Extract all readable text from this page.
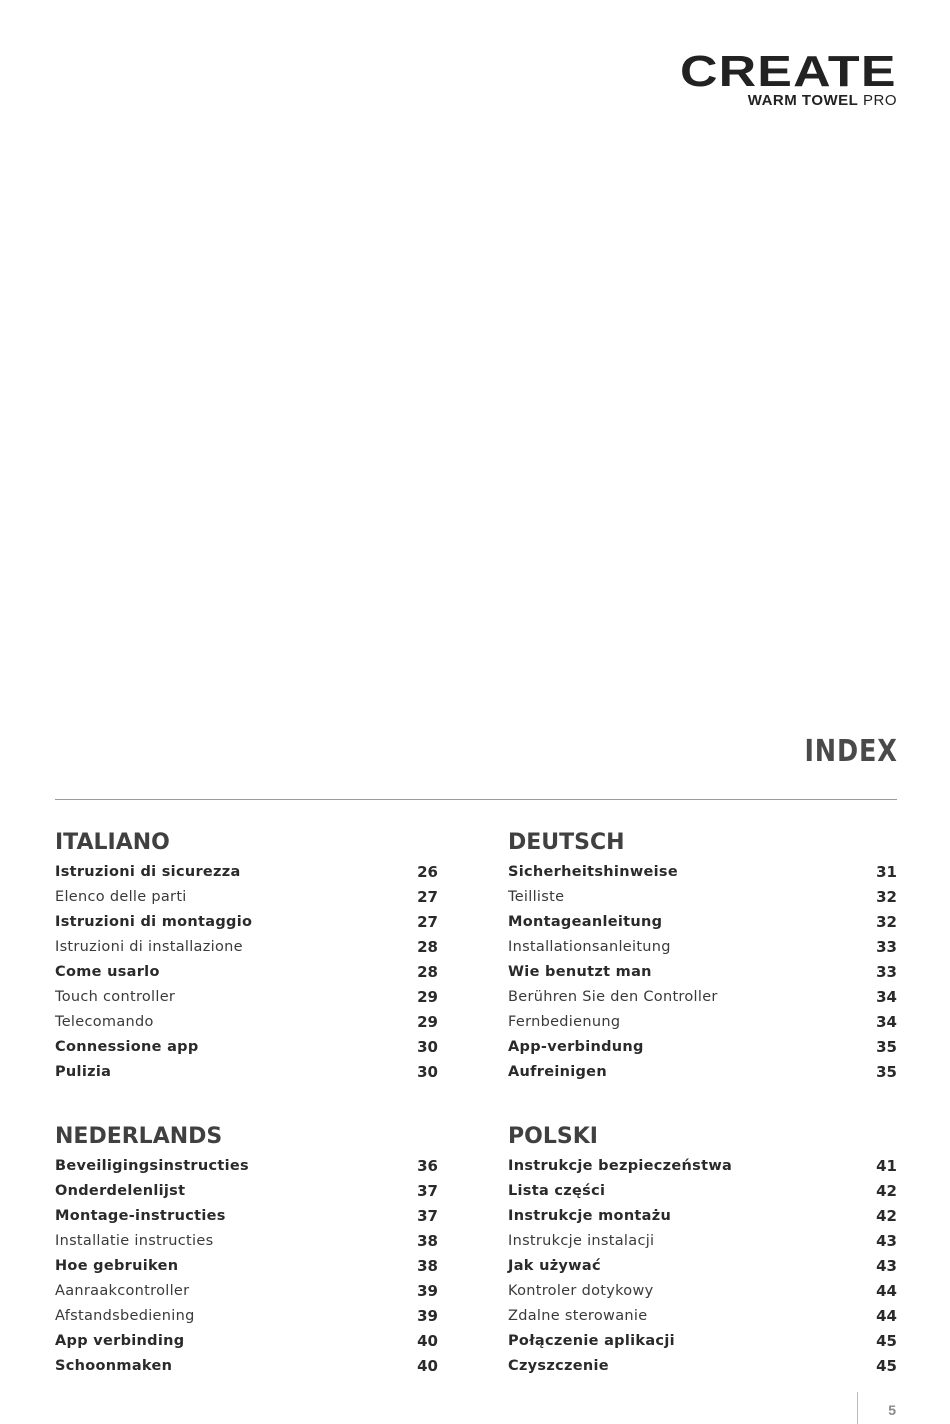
CREATE
WARM TOWEL PRO
INDEX
ITALIANO
Istruzioni di sicurezza	26
Elenco delle parti	27
Istruzioni di montaggio	27
Istruzioni di installazione	28
Come usarlo	28
Touch controller	29
Telecomando	29
Connessione app	30
Pulizia	30
DEUTSCH
Sicherheitshinweise	31
Teilliste	32
Montageanleitung	32
Installationsanleitung	33
Wie benutzt man	33
Berühren Sie den Controller	34
Fernbedienung	34
App-verbindung	35
Aufreinigen	35
NEDERLANDS
Beveiligingsinstructies	36
Onderdelenlijst	37
Montage-instructies	37
Installatie instructies	38
Hoe gebruiken	38
Aanraakcontroller	39
Afstandsbediening	39
App verbinding	40
Schoonmaken	40
POLSKI
Instrukcje bezpieczeństwa	41
Lista części	42
Instrukcje montażu	42
Instrukcje instalacji	43
Jak używać	43
Kontroler dotykowy	44
Zdalne sterowanie	44
Połączenie aplikacji	45
Czyszczenie	45
5
